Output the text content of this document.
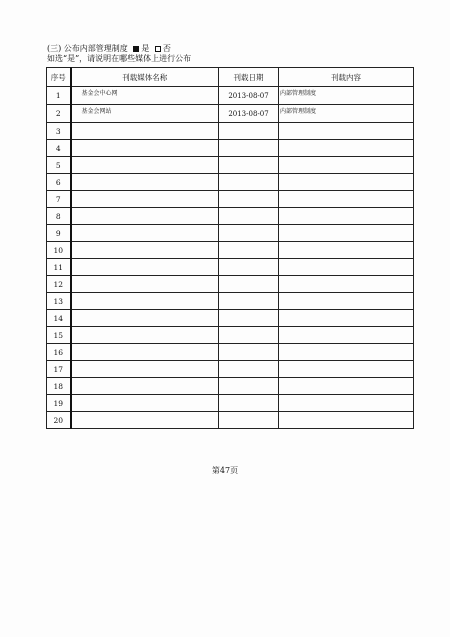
(三) 公布内部管理制度 是 否
如选“是”，请说明在哪些媒体上进行公布
序号	刊载媒体名称	刊载日期	刊载内容
1	基金会中心网	2013-08-07	内部管理制度
2	基金会网站	2013-08-07	内部管理制度
3			
4			
5			
6			
7			
8			
9			
10			
11			
12			
13			
14			
15			
16			
17			
18			
19			
20			
第47页
